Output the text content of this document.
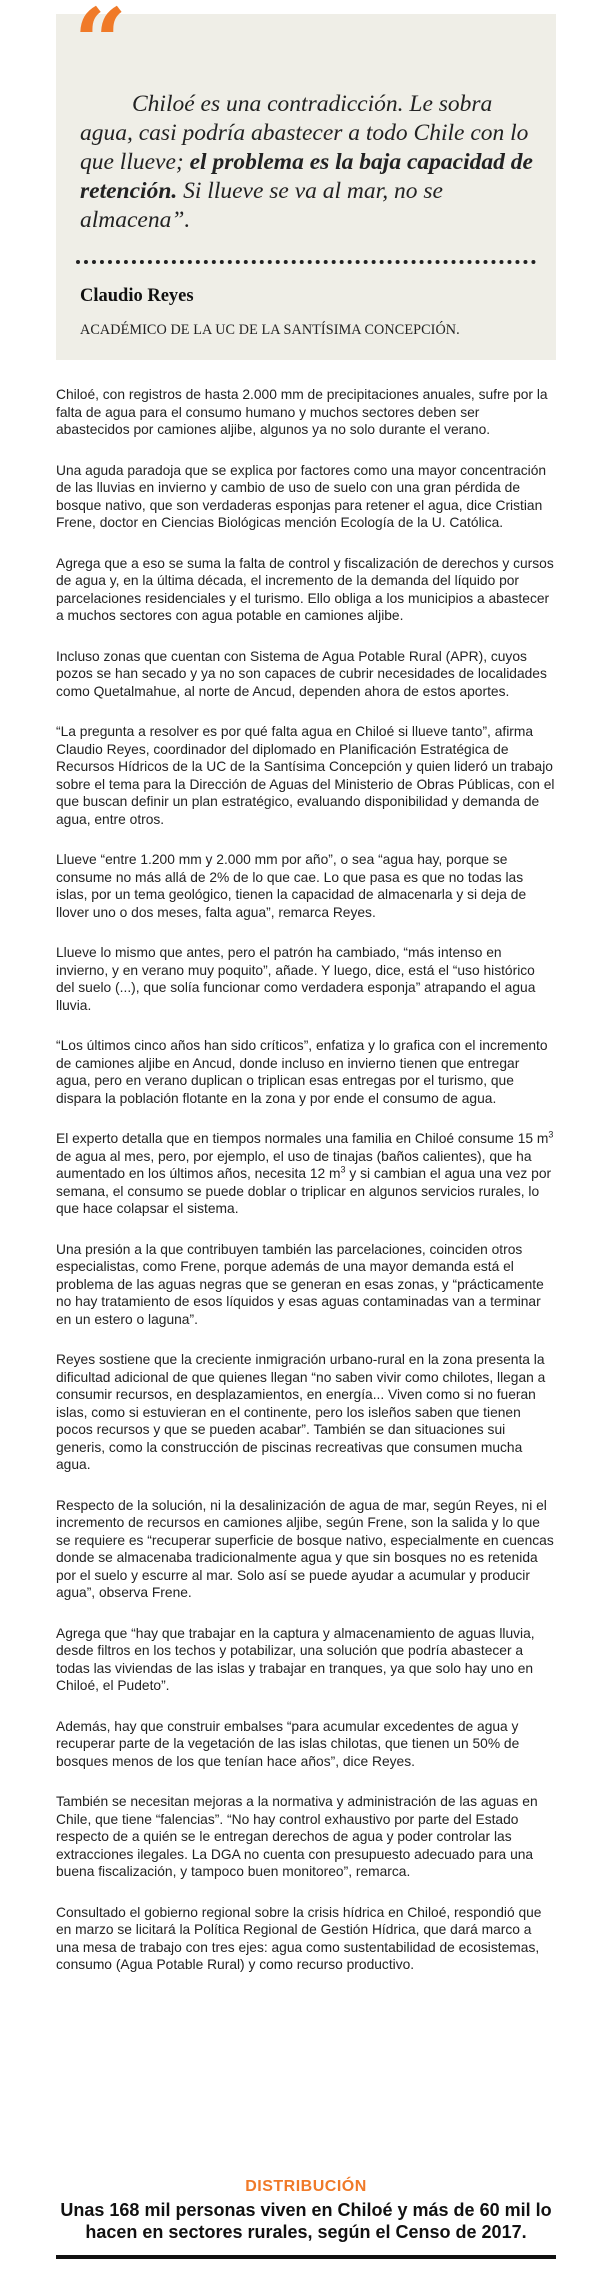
“

Chiloé es una contradicción. Le sobra agua, casi podría abastecer a todo Chile con lo que llueve; el problema es la baja capacidad de retención. Si llueve se va al mar, no se almacena”.

Claudio Reyes
ACADÉMICO DE LA UC DE LA SANTÍSIMA CONCEPCIÓN.

Chiloé, con registros de hasta 2.000 mm de precipitaciones anuales, sufre por la falta de agua para el consumo humano y muchos sectores deben ser abastecidos por camiones aljibe, algunos ya no solo durante el verano.

Una aguda paradoja que se explica por factores como una mayor concentración de las lluvias en invierno y cambio de uso de suelo con una gran pérdida de bosque nativo, que son verdaderas esponjas para retener el agua, dice Cristian Frene, doctor en Ciencias Biológicas mención Ecología de la U. Católica.

Agrega que a eso se suma la falta de control y fiscalización de derechos y cursos de agua y, en la última década, el incremento de la demanda del líquido por parcelaciones residenciales y el turismo. Ello obliga a los municipios a abastecer a muchos sectores con agua potable en camiones aljibe.

Incluso zonas que cuentan con Sistema de Agua Potable Rural (APR), cuyos pozos se han secado y ya no son capaces de cubrir necesidades de localidades como Quetalmahue, al norte de Ancud, dependen ahora de estos aportes.

“La pregunta a resolver es por qué falta agua en Chiloé si llueve tanto”, afirma Claudio Reyes, coordinador del diplomado en Planificación Estratégica de Recursos Hídricos de la UC de la Santísima Concepción y quien lideró un trabajo sobre el tema para la Dirección de Aguas del Ministerio de Obras Públicas, con el que buscan definir un plan estratégico, evaluando disponibilidad y demanda de agua, entre otros.

Llueve “entre 1.200 mm y 2.000 mm por año”, o sea “agua hay, porque se consume no más allá de 2% de lo que cae. Lo que pasa es que no todas las islas, por un tema geológico, tienen la capacidad de almacenarla y si deja de llover uno o dos meses, falta agua”, remarca Reyes.

Llueve lo mismo que antes, pero el patrón ha cambiado, “más intenso en invierno, y en verano muy poquito”, añade. Y luego, dice, está el “uso histórico del suelo (...), que solía funcionar como verdadera esponja” atrapando el agua lluvia.

“Los últimos cinco años han sido críticos”, enfatiza y lo grafica con el incremento de camiones aljibe en Ancud, donde incluso en invierno tienen que entregar agua, pero en verano duplican o triplican esas entregas por el turismo, que dispara la población flotante en la zona y por ende el consumo de agua.

El experto detalla que en tiempos normales una familia en Chiloé consume 15 $m^3$ de agua al mes, pero, por ejemplo, el uso de tinajas (baños calientes), que ha aumentado en los últimos años, necesita 12 $m^3$ y si cambian el agua una vez por semana, el consumo se puede doblar o triplicar en algunos servicios rurales, lo que hace colapsar el sistema.

Una presión a la que contribuyen también las parcelaciones, coinciden otros especialistas, como Frene, porque además de una mayor demanda está el problema de las aguas negras que se generan en esas zonas, y “prácticamente no hay tratamiento de esos líquidos y esas aguas contaminadas van a terminar en un estero o laguna”.

Reyes sostiene que la creciente inmigración urbano-rural en la zona presenta la dificultad adicional de que quienes llegan “no saben vivir como chilotes, llegan a consumir recursos, en desplazamientos, en energía... Viven como si no fueran islas, como si estuvieran en el continente, pero los isleños saben que tienen pocos recursos y que se pueden acabar”. También se dan situaciones sui generis, como la construcción de piscinas recreativas que consumen mucha agua.

Respecto de la solución, ni la desalinización de agua de mar, según Reyes, ni el incremento de recursos en camiones aljibe, según Frene, son la salida y lo que se requiere es “recuperar superficie de bosque nativo, especialmente en cuencas donde se almacenaba tradicionalmente agua y que sin bosques no es retenida por el suelo y escurre al mar. Solo así se puede ayudar a acumular y producir agua”, observa Frene.

Agrega que “hay que trabajar en la captura y almacenamiento de aguas lluvia, desde filtros en los techos y potabilizar, una solución que podría abastecer a todas las viviendas de las islas y trabajar en tranques, ya que solo hay uno en Chiloé, el Pudeto”.

Además, hay que construir embalses “para acumular excedentes de agua y recuperar parte de la vegetación de las islas chilotas, que tienen un 50% de bosques menos de los que tenían hace años”, dice Reyes.

También se necesitan mejoras a la normativa y administración de las aguas en Chile, que tiene “falencias”. “No hay control exhaustivo por parte del Estado respecto de a quién se le entregan derechos de agua y poder controlar las extracciones ilegales. La DGA no cuenta con presupuesto adecuado para una buena fiscalización, y tampoco buen monitoreo”, remarca.

Consultado el gobierno regional sobre la crisis hídrica en Chiloé, respondió que en marzo se licitará la Política Regional de Gestión Hídrica, que dará marco a una mesa de trabajo con tres ejes: agua como sustentabilidad de ecosistemas, consumo (Agua Potable Rural) y como recurso productivo.

DISTRIBUCIÓN
Unas 168 mil personas viven en Chiloé y más de 60 mil lo hacen en sectores rurales, según el Censo de 2017.
